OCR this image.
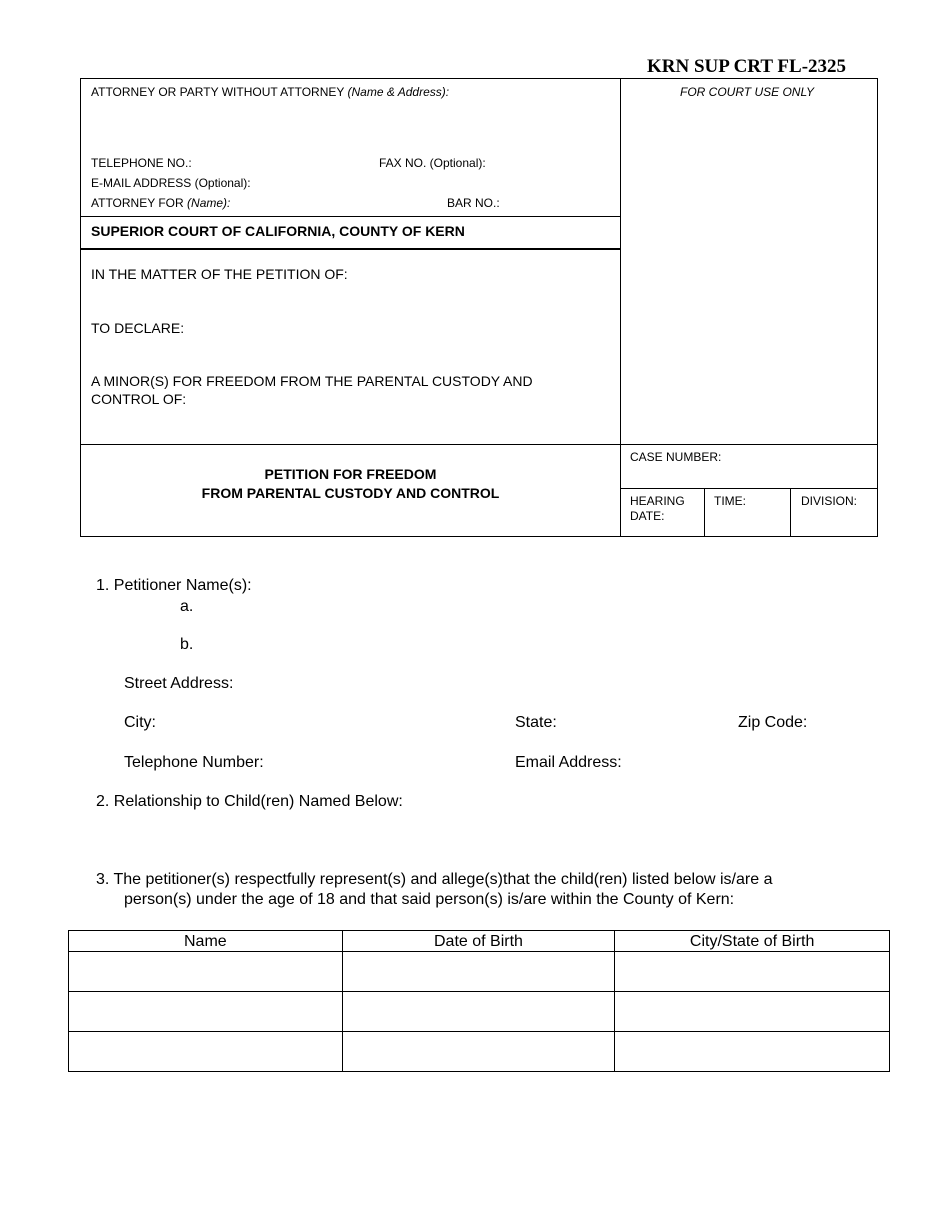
KRN SUP CRT FL-2325
ATTORNEY OR PARTY WITHOUT ATTORNEY (Name & Address):	FOR COURT USE ONLY
TELEPHONE NO.:	FAX NO. (Optional):
E-MAIL ADDRESS (Optional):
ATTORNEY FOR (Name):	BAR NO.:
SUPERIOR COURT OF CALIFORNIA, COUNTY OF KERN
IN THE MATTER OF THE PETITION OF:
TO DECLARE:
A MINOR(S) FOR FREEDOM FROM THE PARENTAL CUSTODY AND
CONTROL OF:
PETITION FOR FREEDOM
FROM PARENTAL CUSTODY AND CONTROL
CASE NUMBER:
HEARING
DATE:
TIME:	DIVISION:
1. Petitioner Name(s):
a.
b.
Street Address:
City:	State:	Zip Code:
Telephone Number:	Email Address:
2. Relationship to Child(ren) Named Below:
3. The petitioner(s) respectfully represent(s) and allege(s)that the child(ren) listed below is/are a
person(s) under the age of 18 and that said person(s) is/are within the County of Kern:
Name	Date of Birth	City/State of Birth
